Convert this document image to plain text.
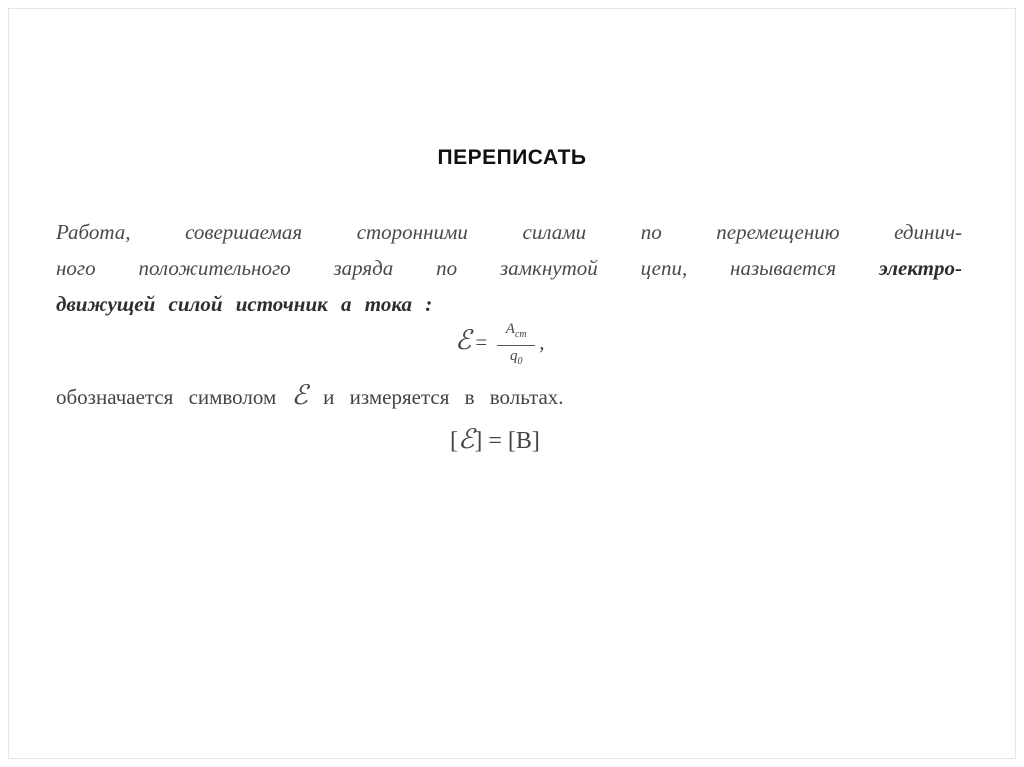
ПЕРЕПИСАТЬ
Работа, совершаемая сторонними силами по перемещению единич-
ного положительного заряда по замкнутой цепи, называется электро-
движущей силой источник а тока :
ℰ = $\frac{A_{cm}}{q_0}$ ,
обозначается символом ℰ и измеряется в вольтах.
[ℰ] = [В]
